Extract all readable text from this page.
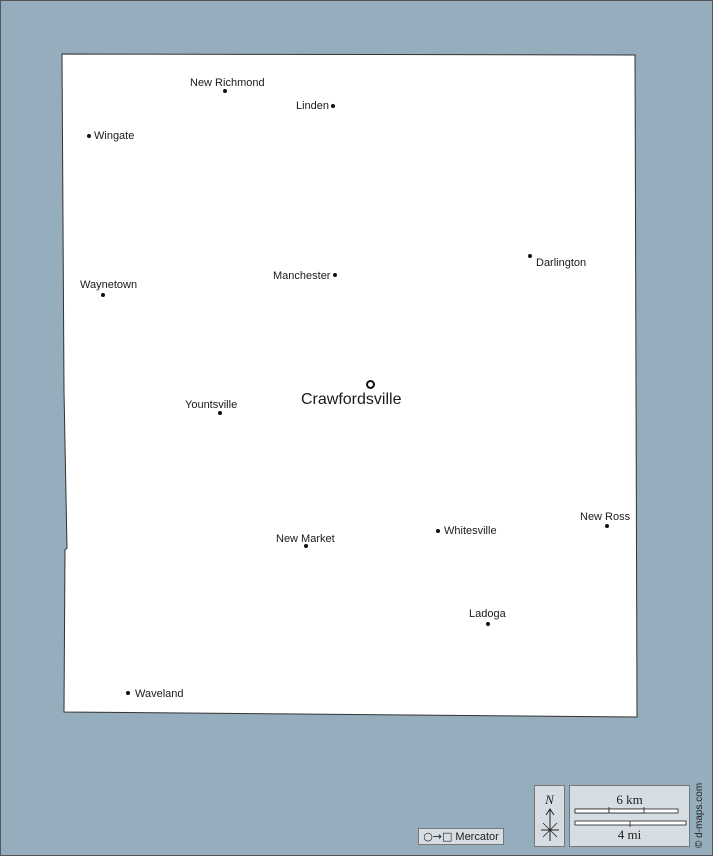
New Richmond
Linden
Wingate
Darlington
Manchester
Waynetown
Yountsville
Whitesville
New Ross
New Market
Ladoga
Waveland
Crawfordsville
○→□ Mercator
N	6 km
4 mi	© d-maps.com
